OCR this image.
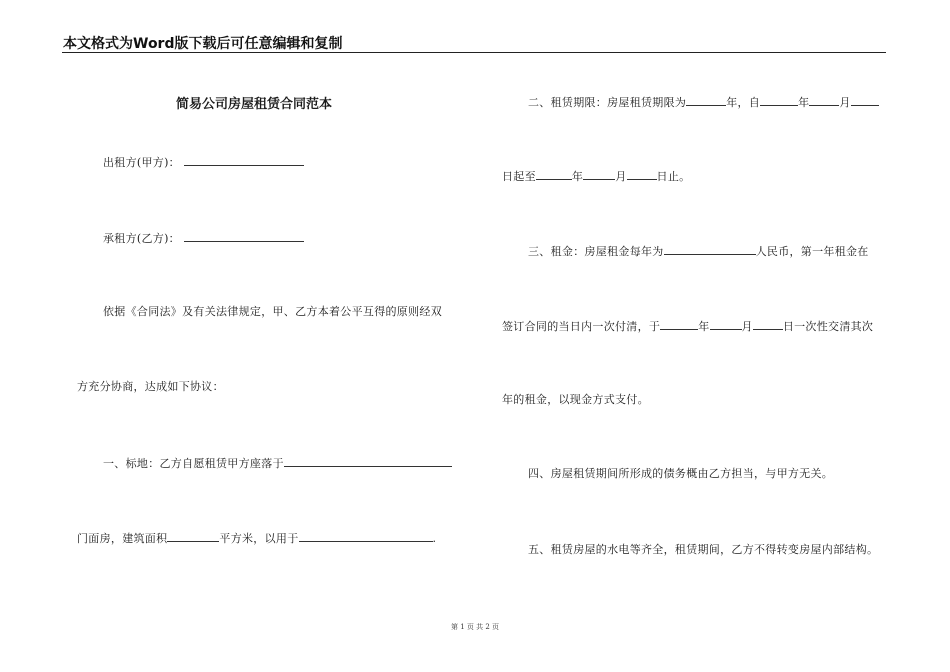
本文格式为Word版下载后可任意编辑和复制
简易公司房屋租赁合同范本
出租方(甲方)：
承租方(乙方)：
依据《合同法》及有关法律规定，甲、乙方本着公平互得的原则经双
方充分协商，达成如下协议：
一、标地：乙方自愿租赁甲方座落于
门面房，建筑面积	平方米，以用于	.
二、租赁期限：房屋租赁期限为	年，自	年	月
日起至	年	月	日止。
三、租金：房屋租金每年为	人民币，第一年租金在
签订合同的当日内一次付清，于	年	月	日一次性交清其次
年的租金，以现金方式支付。
四、房屋租赁期间所形成的债务概由乙方担当，与甲方无关。
五、租赁房屋的水电等齐全，租赁期间，乙方不得转变房屋内部结构。
第 1 页 共 2 页
